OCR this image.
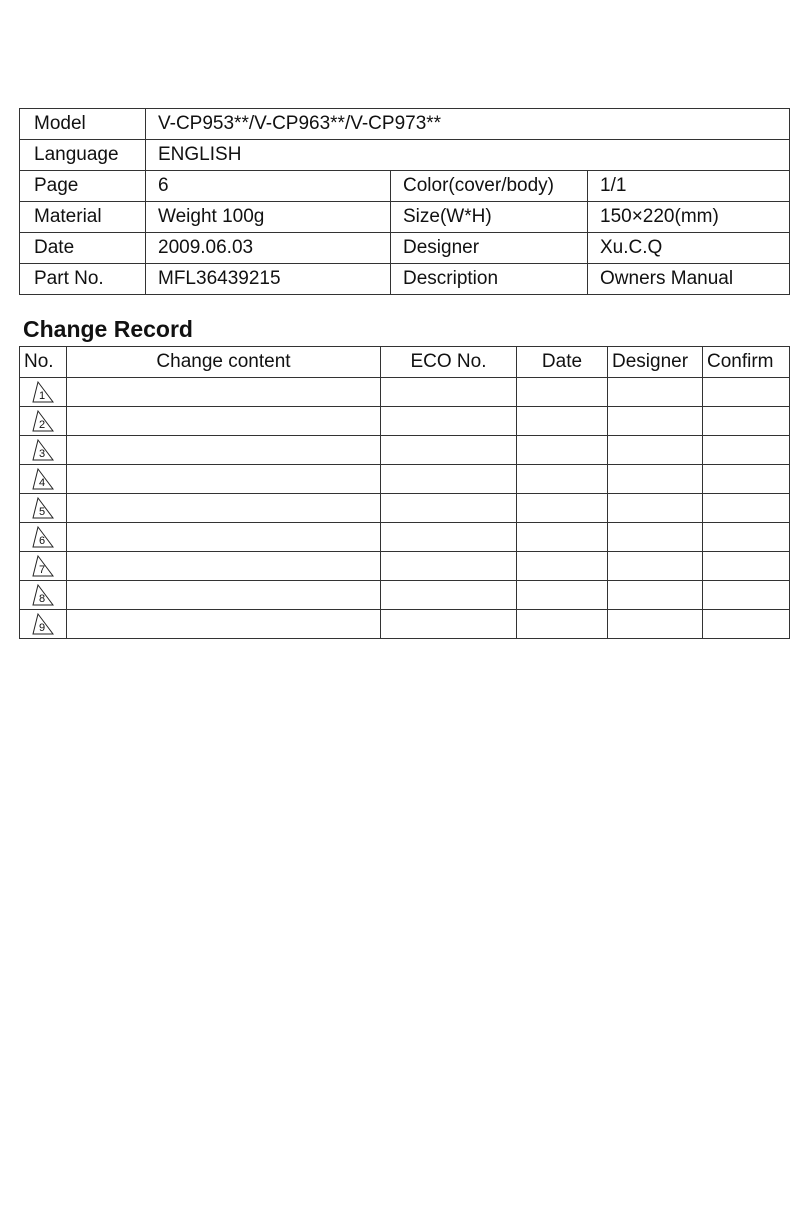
Model	V-CP953**/V-CP963**/V-CP973**		
Language	ENGLISH		
Page	6	Color(cover/body)	1/1
Material	Weight 100g	Size(W*H)	150×220(mm)
Date	2009.06.03	Designer	Xu.C.Q
Part No.	MFL36439215	Description	Owners Manual
Change Record
No.	Change content	ECO No.	Date	Designer	Confirm

1					

2					

3					

4					

5					

6					

7					

8					

9					
